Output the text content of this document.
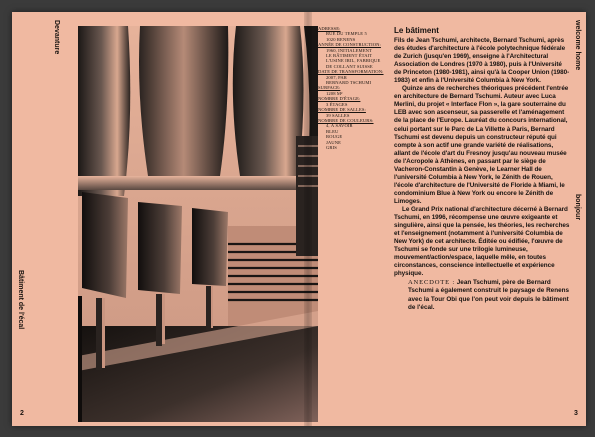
Bâtiment de l'écal
Devanture
2
ADRESSE:
RUE DU TEMPLE 5
1020 RENENS
ANNÉE DE CONSTRUCTION:
1960, INITIALEMENT
LE BÂTIMENT ÉTAIT
L'USINE IRIL, FABRIQUE
DE COLLANT SUISSE
DATE DE TRANSFORMATION:
2007, PAR
BERNARD TSCHUMI
SURFACE:
1208 M²
NOMBRE D'ÉTAGE:
3 ÉTAGES
NOMBRE DE SALLES:
39 SALLES
NOMBRE DE COULEURS:
4, À SAVOIR
BLEU
ROUGE
JAUNE
GRIS
Le bâtiment

Fils de Jean Tschumi, architecte, Bernard Tschumi, après des études d'architecture à l'école polytechnique fédérale de Zurich (jusqu'en 1969), enseigne à l'Architectural Association de Londres (1970 à 1980), puis à l'Université de Princeton (1980-1981), ainsi qu'à la Cooper Union (1980-1983) et enfin à l'Université Columbia à New York.

Quinze ans de recherches théoriques précédent l'entrée en architecture de Bernard Tschumi. Auteur avec Luca Merlini, du projet « Interface Flon », la gare souterraine du LEB avec son ascenseur, sa passerelle et l'aménagement de la place de l'Europe. Lauréat du concours international, celui portant sur le Parc de La Villette à Paris, Bernard Tschumi est devenu depuis un constructeur réputé qui compte à son actif une grande variété de réalisations, allant de l'école d'art du Fresnoy jusqu'au nouveau musée de l'Acropole à Athènes, en passant par le siège de Vacheron-Constantin à Genève, le Learner Hall de l'université Columbia à New York, le Zénith de Rouen, l'école d'architecture de l'Université de Floride à Miami, le condominium Blue à New York ou encore le Zénith de Limoges.

Le Grand Prix national d'architecture décerné à Bernard Tschumi, en 1996, récompense une œuvre exigeante et singulière, ainsi que la pensée, les théories, les recherches et l'enseignement (notamment à l'université Columbia de New York) de cet architecte. Éditée ou édifiée, l'œuvre de Tschumi se fonde sur une trilogie lumineuse, mouvement/action/espace, laquelle mêle, en toutes circonstances, conscience intellectuelle et expérience physique.

ANECDOTE : Jean Tschumi, père de Bernard Tschumi a également construit le paysage de Renens avec la Tour Obi que l'on peut voir depuis le bâtiment de l'écal.
welcome home
bonjour
3
